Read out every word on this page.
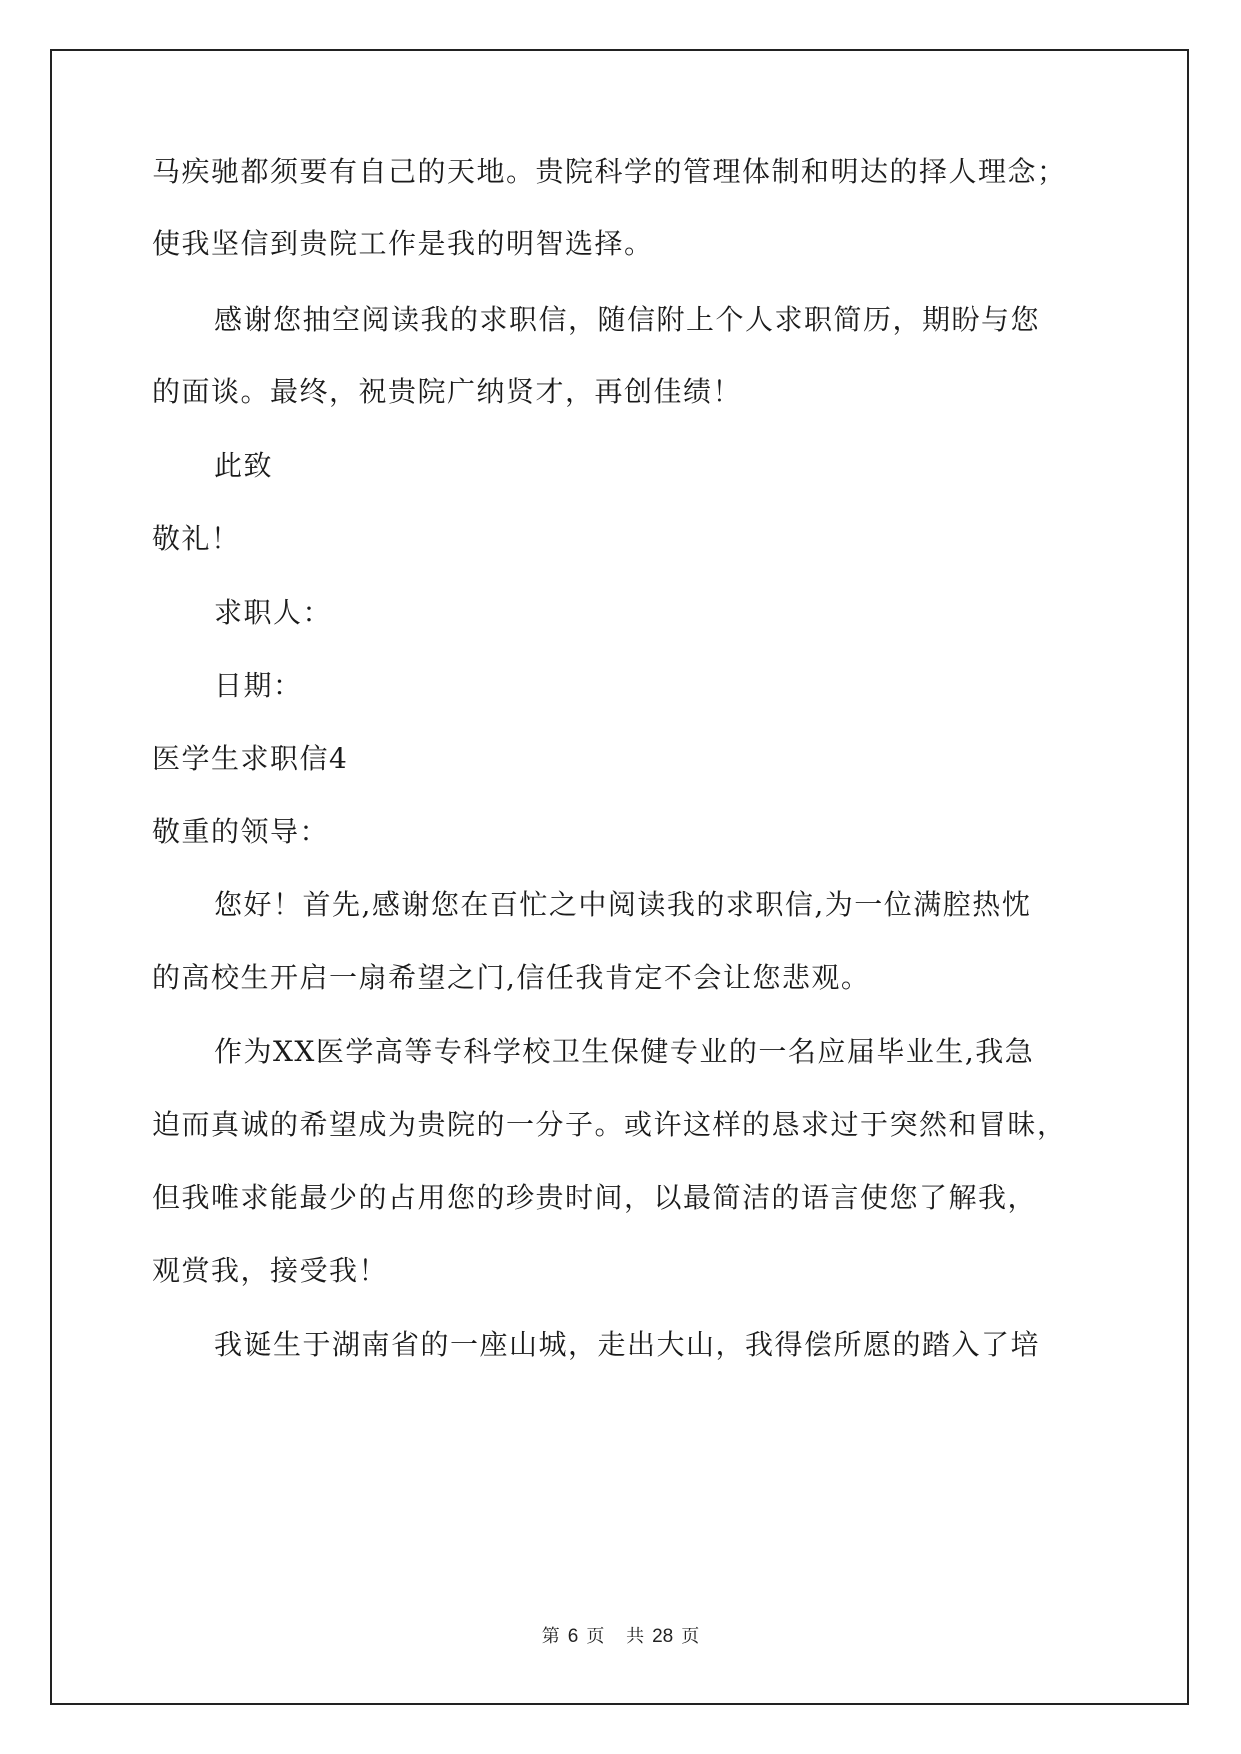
马疾驰都须要有自己的天地。贵院科学的管理体制和明达的择人理念；
使我坚信到贵院工作是我的明智选择。
感谢您抽空阅读我的求职信，随信附上个人求职简历，期盼与您
的面谈。最终，祝贵院广纳贤才，再创佳绩！
此致
敬礼！
求职人：
日期：
医学生求职信4
敬重的领导：
您好！首先,感谢您在百忙之中阅读我的求职信,为一位满腔热忱
的高校生开启一扇希望之门,信任我肯定不会让您悲观。
作为XX医学高等专科学校卫生保健专业的一名应届毕业生,我急
迫而真诚的希望成为贵院的一分子。或许这样的恳求过于突然和冒昧，
但我唯求能最少的占用您的珍贵时间，以最简洁的语言使您了解我，
观赏我，接受我！
我诞生于湖南省的一座山城，走出大山，我得偿所愿的踏入了培
第 6 页 共 28 页
